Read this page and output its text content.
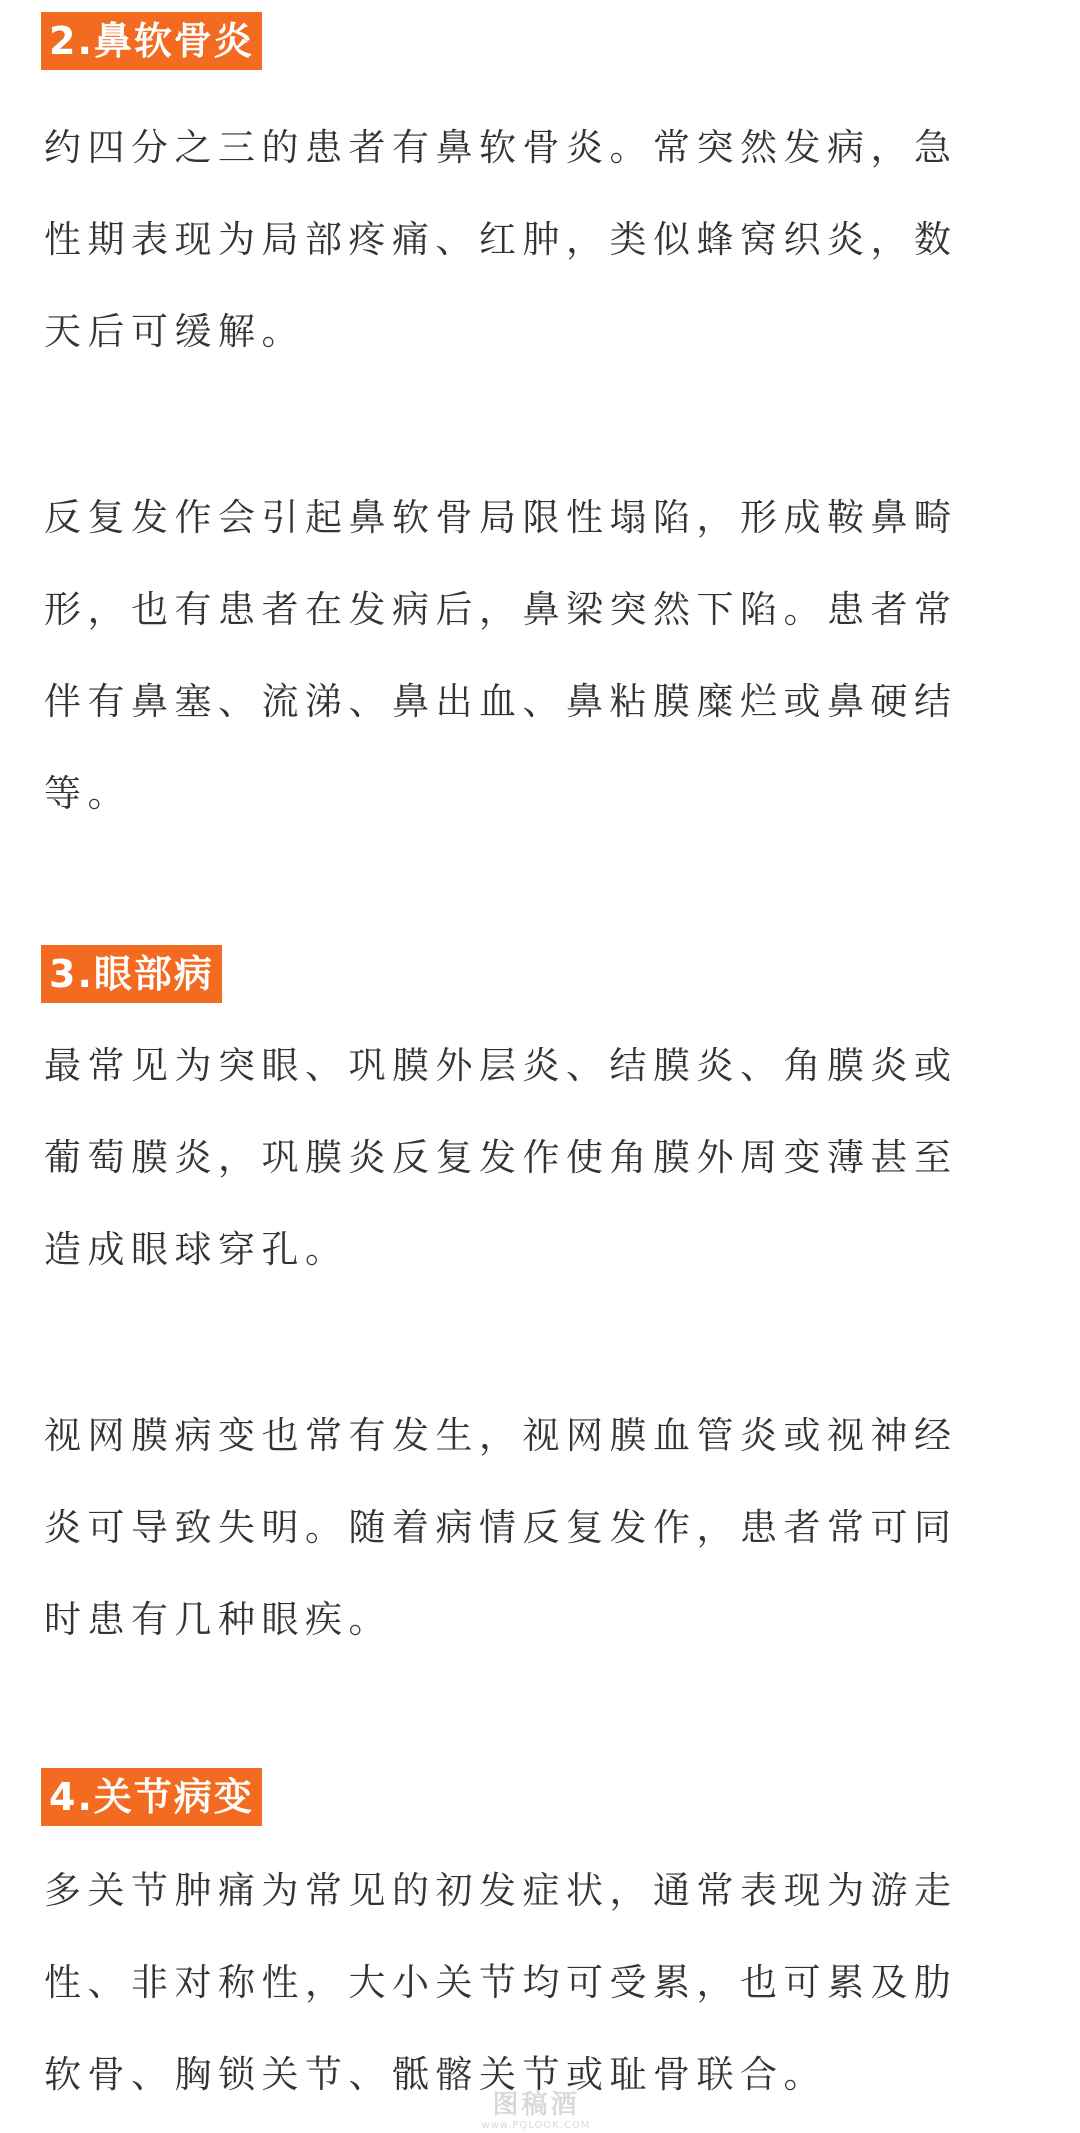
2.鼻软骨炎

约四分之三的患者有鼻软骨炎。常突然发病，急
性期表现为局部疼痛、红肿，类似蜂窝织炎，数
天后可缓解。

反复发作会引起鼻软骨局限性塌陷，形成鞍鼻畸
形，也有患者在发病后，鼻梁突然下陷。患者常
伴有鼻塞、流涕、鼻出血、鼻粘膜糜烂或鼻硬结
等。

3.眼部病

最常见为突眼、巩膜外层炎、结膜炎、角膜炎或
葡萄膜炎，巩膜炎反复发作使角膜外周变薄甚至
造成眼球穿孔。

视网膜病变也常有发生，视网膜血管炎或视神经
炎可导致失明。随着病情反复发作，患者常可同
时患有几种眼疾。

4.关节病变

多关节肿痛为常见的初发症状，通常表现为游走
性、非对称性，大小关节均可受累，也可累及肋
软骨、胸锁关节、骶髂关节或耻骨联合。

图稿酒
www.PQLOOK.COM
